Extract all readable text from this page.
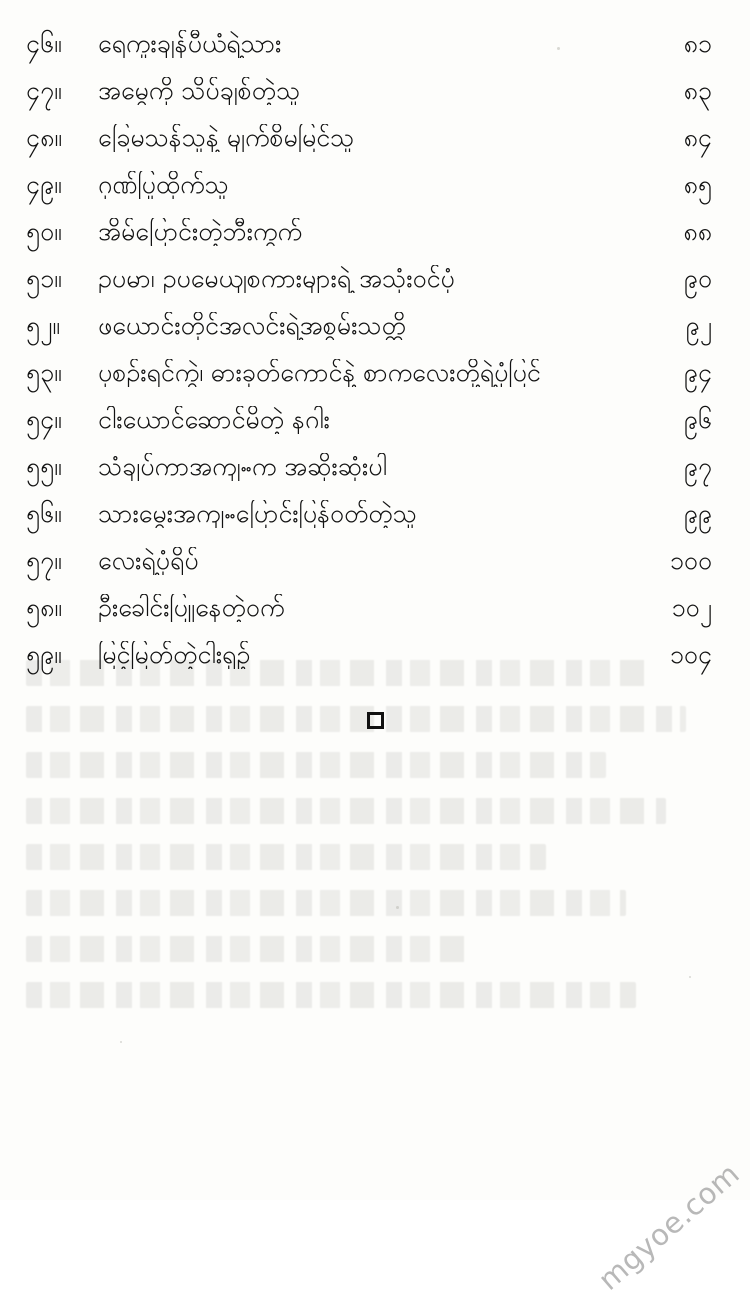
၄၆။	ရေကူးချန်ပီယံရဲ့သား	၈၁
၄၇။	အမွေကို သိပ်ချစ်တဲ့သူ	၈၃
၄၈။	ခြေမသန်သူနဲ့ မျက်စိမမြင်သူ	၈၄
၄၉။	ဂုဏ်ပြုထိုက်သူ	၈၅
၅၀။	အိမ်ပြောင်းတဲ့ဘီးကွက်	၈၈
၅၁။	ဥပမာ၊ ဥပမေယျစကားများရဲ့ အသုံးဝင်ပုံ	၉၀
၅၂။	ဖယောင်းတိုင်အလင်းရဲ့အစွမ်းသတ္တိ	၉၂
၅၃။	ပုစဉ်းရင်ကွဲ၊ ဓားခုတ်ကောင်နဲ့ စာကလေးတို့ရဲ့ပုံပြင်	၉၄
၅၄။	ငါးယောင်ဆောင်မိတဲ့ နဂါး	၉၆
၅၅။	သံချပ်ကာအကျႌက အဆိုးဆုံးပါ	၉၇
၅၆။	သားမွေးအကျႌပြောင်းပြန်ဝတ်တဲ့သူ	၉၉
၅၇။	လေးရဲ့ပုံရိပ်	၁၀၀
၅၈။	ဦးခေါင်းပြူနေတဲ့ဝက်	၁၀၂
၅၉။	မြင့်မြတ်တဲ့ငါးရှဉ့်	၁၀၄
mgyoe.com
